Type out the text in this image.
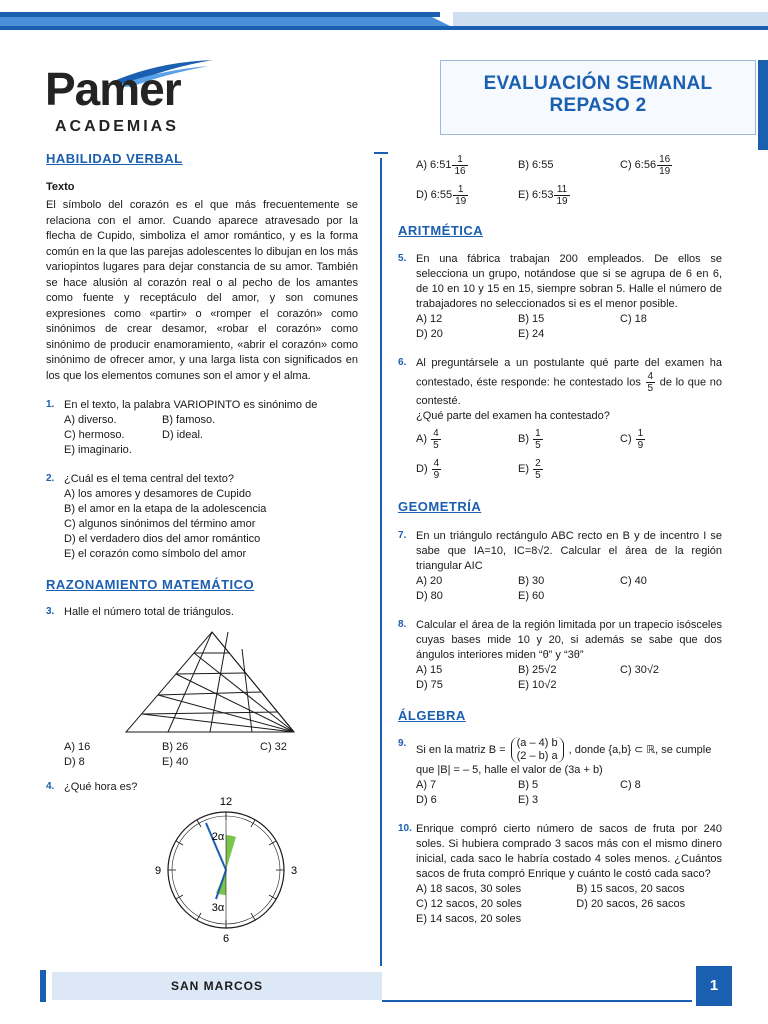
Pamer
ACADEMIAS
EVALUACIÓN SEMANAL
REPASO 2
HABILIDAD VERBAL
Texto
El símbolo del corazón es el que más frecuentemente se relaciona con el amor. Cuando aparece atravesado por la flecha de Cupido, simboliza el amor romántico, y es la forma común en la que las parejas adolescentes lo dibujan en los más variopintos lugares para dejar constancia de su amor. También se hace alusión al corazón real o al pecho de los amantes como fuente y receptáculo del amor, y son comunes expresiones como «partir» o «romper el corazón» como sinónimos de crear desamor, «robar el corazón» como sinónimo de producir enamoramiento, «abrir el corazón» como sinónimo de ofrecer amor, y una larga lista con significados en los que los elementos comunes son el amor y el alma.
1. En el texto, la palabra VARIOPINTO es sinónimo de
A) diverso.	B) famoso.
C) hermoso.	D) ideal.
E) imaginario.
2. ¿Cuál es el tema central del texto?
A) los amores y desamores de Cupido
B) el amor en la etapa de la adolescencia
C) algunos sinónimos del término amor
D) el verdadero dios del amor romántico
E) el corazón como símbolo del amor
RAZONAMIENTO MATEMÁTICO
3. Halle el número total de triángulos.
A) 16	B) 26	C) 32
D) 8	E) 40
4. ¿Qué hora es?
12
3
6
9
2α
3α
A) 6:51 $\frac{1}{16}$	B) 6:55	C) 6:56 $\frac{16}{19}$
D) 6:55 $\frac{1}{19}$	E) 6:53 $\frac{11}{19}$
ARITMÉTICA
5. En una fábrica trabajan 200 empleados. De ellos se selecciona un grupo, notándose que si se agrupa de 6 en 6, de 10 en 10 y 15 en 15, siempre sobran 5. Halle el número de trabajadores no seleccionados si es el menor posible.
A) 12	B) 15	C) 18
D) 20	E) 24
6. Al preguntársele a un postulante qué parte del examen ha contestado, éste responde: he contestado los $\frac{4}{5}$ de lo que no contesté.
¿Qué parte del examen ha contestado?
A)
$\frac{4}{5}$	B)
$\frac{1}{5}$	C)
$\frac{1}{9}$
D)
$\frac{4}{9}$	E)
$\frac{2}{5}$
GEOMETRÍA
7. En un triángulo rectángulo ABC recto en B y de incentro I se sabe que IA=10, IC=8√2. Calcular el área de la región triangular AIC
A) 20	B) 30	C) 40
D) 80	E) 60
8. Calcular el área de la región limitada por un trapecio isósceles cuyas bases mide 10 y 20, si además se sabe que dos ángulos interiores miden “θ” y “3θ”
A) 15	B) 25√2	C) 30√2
D) 75	E) 10√2
ÁLGEBRA
9.
Si en la matriz B =
(a – 4) b
(2 – b) a
, donde {a,b} ⊂ ℝ, se cumple
que |B| = – 5, halle el valor de (3a + b)
A) 7	B) 5	C) 8
D) 6	E) 3
10. Enrique compró cierto número de sacos de fruta por 240 soles. Si hubiera comprado 3 sacos más con el mismo dinero inicial, cada saco le habría costado 4 soles menos. ¿Cuántos sacos de fruta compró Enrique y cuánto le costó cada saco?
A) 18 sacos, 30 soles	B) 15 sacos, 20 sacos
C) 12 sacos, 20 soles	D) 20 sacos, 26 sacos
E) 14 sacos, 20 soles
SAN MARCOS	1
